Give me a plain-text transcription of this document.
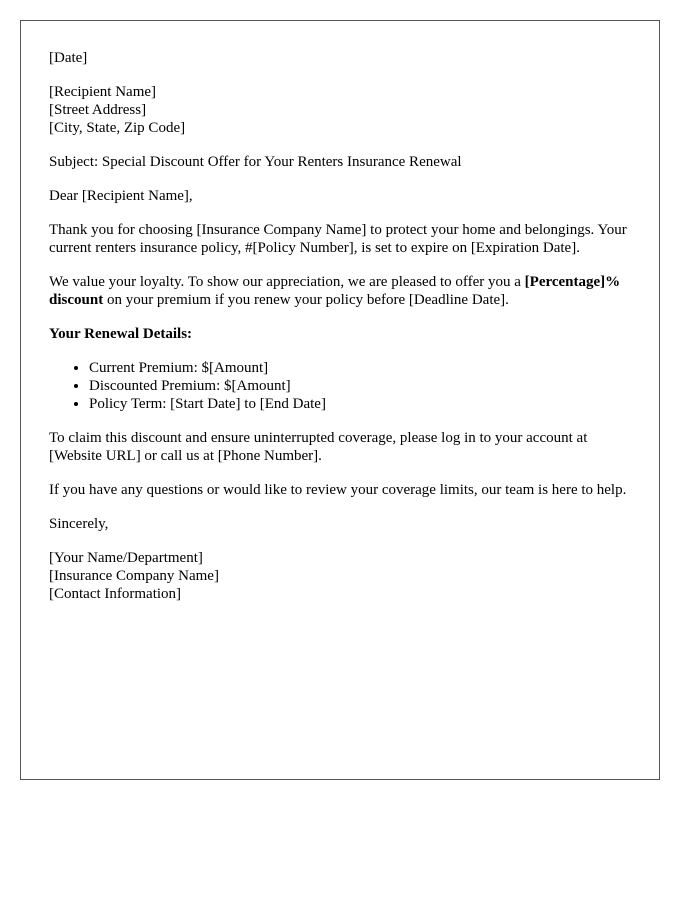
[Date]

[Recipient Name]
[Street Address]
[City, State, Zip Code]

Subject: Special Discount Offer for Your Renters Insurance Renewal

Dear [Recipient Name],

Thank you for choosing [Insurance Company Name] to protect your home and belongings. Your current renters insurance policy, #[Policy Number], is set to expire on [Expiration Date].

We value your loyalty. To show our appreciation, we are pleased to offer you a [Percentage]% discount on your premium if you renew your policy before [Deadline Date].

Your Renewal Details:

• Current Premium: $[Amount]
• Discounted Premium: $[Amount]
• Policy Term: [Start Date] to [End Date]

To claim this discount and ensure uninterrupted coverage, please log in to your account at [Website URL] or call us at [Phone Number].

If you have any questions or would like to review your coverage limits, our team is here to help.

Sincerely,

[Your Name/Department]
[Insurance Company Name]
[Contact Information]
